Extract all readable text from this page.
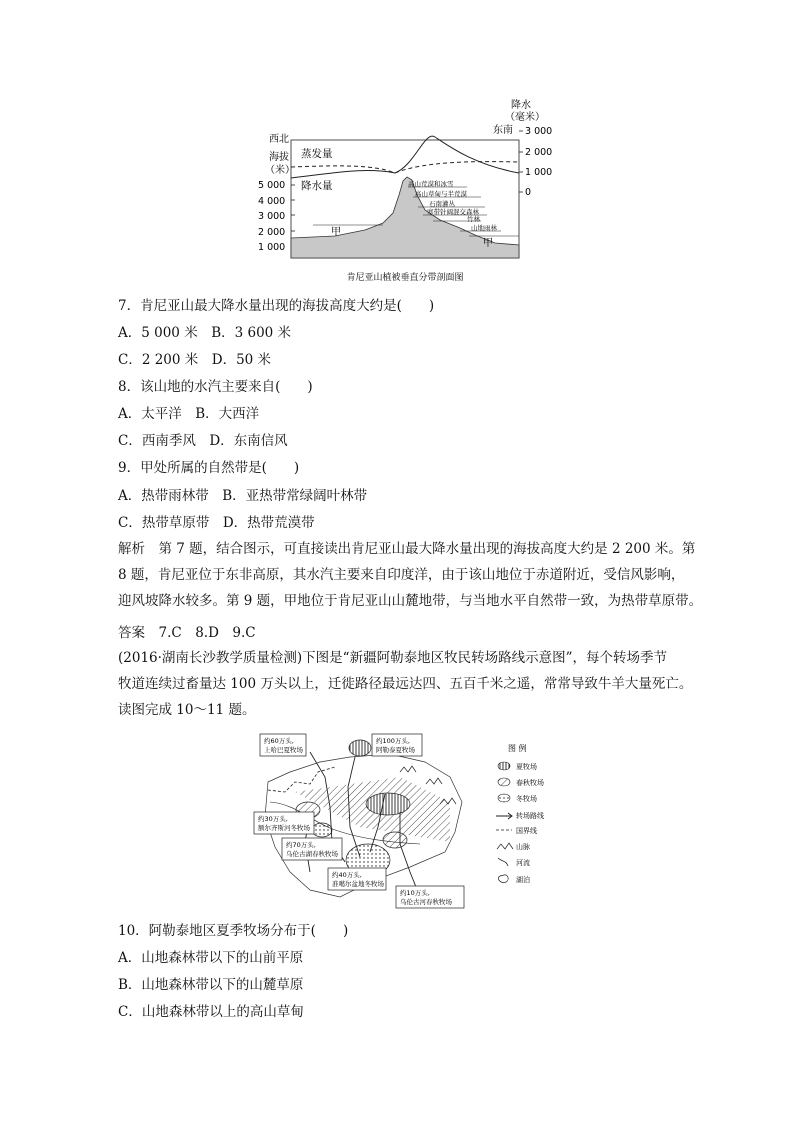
西北
海拔
（米）
降水
（毫米）
东南
5 000
4 000
3 000
2 000
1 000
3 000
2 000
1 000
0
蒸发量
降水量	高山荒漠和冰雪
高山草甸与半荒漠
石南灌丛
寒带针阔混交森林
竹林
山地雨林
甲
甲
肯尼亚山植被垂直分带剖面图
7．肯尼亚山最大降水量出现的海拔高度大约是(　　)
A．5 000 米　B．3 600 米
C．2 200 米　D．50 米
8．该山地的水汽主要来自(　　)
A．太平洋　B．大西洋
C．西南季风　D．东南信风
9．甲处所属的自然带是(　　)
A．热带雨林带　B．亚热带常绿阔叶林带
C．热带草原带　D．热带荒漠带
解析　第 7 题，结合图示，可直接读出肯尼亚山最大降水量出现的海拔高度大约是 2 200 米。第
8 题，肯尼亚位于东非高原，其水汽主要来自印度洋，由于该山地位于赤道附近，受信风影响，
迎风坡降水较多。第 9 题，甲地位于肯尼亚山山麓地带，与当地水平自然带一致，为热带草原带。
答案　7.C　8.D　9.C
(2016·湖南长沙教学质量检测)下图是“新疆阿勒泰地区牧民转场路线示意图”，每个转场季节
牧道连续过畜量达 100 万头以上，迁徙路径最远达四、五百千米之遥，常常导致牛羊大量死亡。
读图完成 10～11 题。
约60万头,
上哈巴夏牧场
约100万头,
阿勒泰夏牧场
约30万头,
额尔齐斯河冬牧场
约70万头,
乌伦古湖春秋牧场
约40万头,
准噶尔盆地冬牧场
约10万头,
乌伦古河春秋牧场
图 例
夏牧场
春秋牧场
冬牧场
转场路线
国界线
山脉
河流
湖泊
10．阿勒泰地区夏季牧场分布于(　　)
A．山地森林带以下的山前平原
B．山地森林带以下的山麓草原
C．山地森林带以上的高山草甸
